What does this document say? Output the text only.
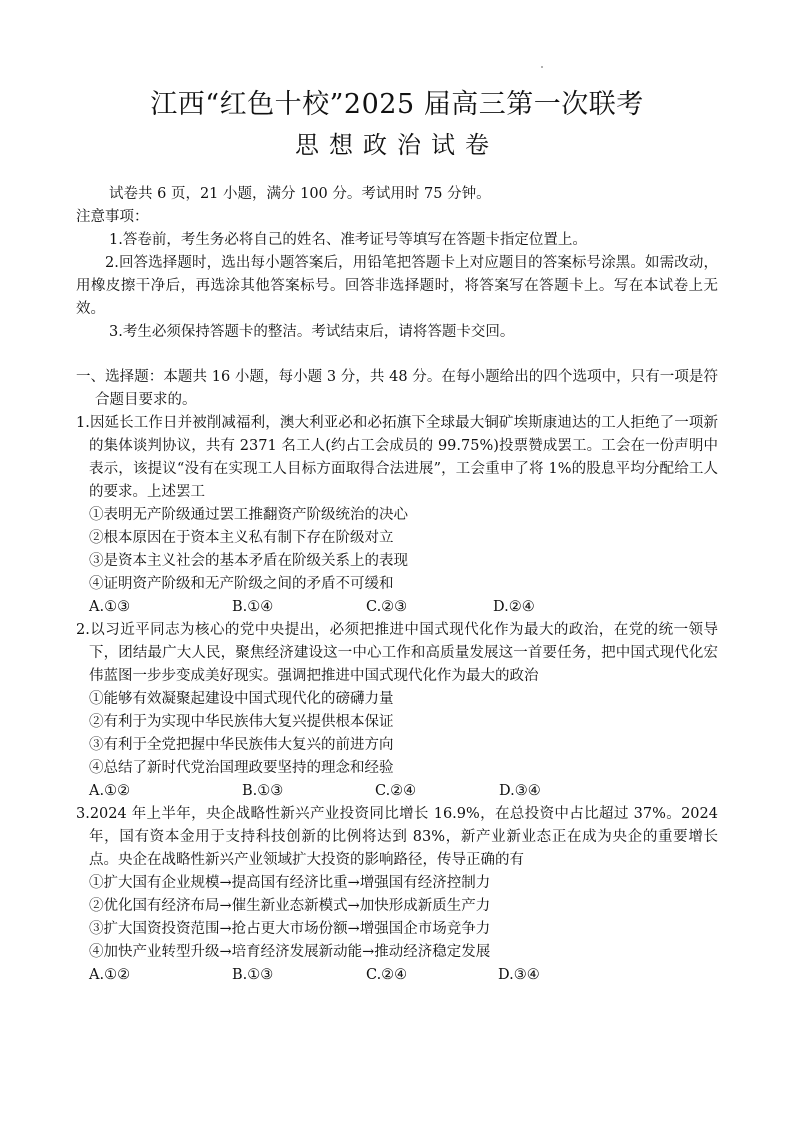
江西“红色十校”2025 届高三第一次联考
思想政治试卷

试卷共 6 页，21 小题，满分 100 分。考试用时 75 分钟。

注意事项：

1.答卷前，考生务必将自己的姓名、准考证号等填写在答题卡指定位置上。

2.回答选择题时，选出每小题答案后，用铅笔把答题卡上对应题目的答案标号涂黑。如需改动，用橡皮擦干净后，再选涂其他答案标号。回答非选择题时，将答案写在答题卡上。写在本试卷上无效。

3.考生必须保持答题卡的整洁。考试结束后，请将答题卡交回。

一、选择题：本题共 16 小题，每小题 3 分，共 48 分。在每小题给出的四个选项中，只有一项是符合题目要求的。

1.因延长工作日并被削减福利，澳大利亚必和必拓旗下全球最大铜矿埃斯康迪达的工人拒绝了一项新的集体谈判协议，共有 2371 名工人(约占工会成员的 99.75%)投票赞成罢工。工会在一份声明中表示，该提议“没有在实现工人目标方面取得合法进展”，工会重申了将 1%的股息平均分配给工人的要求。上述罢工

①表明无产阶级通过罢工推翻资产阶级统治的决心

②根本原因在于资本主义私有制下存在阶级对立

③是资本主义社会的基本矛盾在阶级关系上的表现

④证明资产阶级和无产阶级之间的矛盾不可缓和

A.①③	B.①④	C.②③	D.②④

2.以习近平同志为核心的党中央提出，必须把推进中国式现代化作为最大的政治，在党的统一领导下，团结最广大人民，聚焦经济建设这一中心工作和高质量发展这一首要任务，把中国式现代化宏伟蓝图一步步变成美好现实。强调把推进中国式现代化作为最大的政治

①能够有效凝聚起建设中国式现代化的磅礴力量

②有利于为实现中华民族伟大复兴提供根本保证

③有利于全党把握中华民族伟大复兴的前进方向

④总结了新时代党治国理政要坚持的理念和经验

A.①②	B.①③	C.②④	D.③④

3.2024 年上半年，央企战略性新兴产业投资同比增长 16.9%，在总投资中占比超过 37%。2024 年，国有资本金用于支持科技创新的比例将达到 83%，新产业新业态正在成为央企的重要增长点。央企在战略性新兴产业领域扩大投资的影响路径，传导正确的有

①扩大国有企业规模→提高国有经济比重→增强国有经济控制力

②优化国有经济布局→催生新业态新模式→加快形成新质生产力

③扩大国资投资范围→抢占更大市场份额→增强国企市场竞争力

④加快产业转型升级→培育经济发展新动能→推动经济稳定发展

A.①②	B.①③	C.②④	D.③④
